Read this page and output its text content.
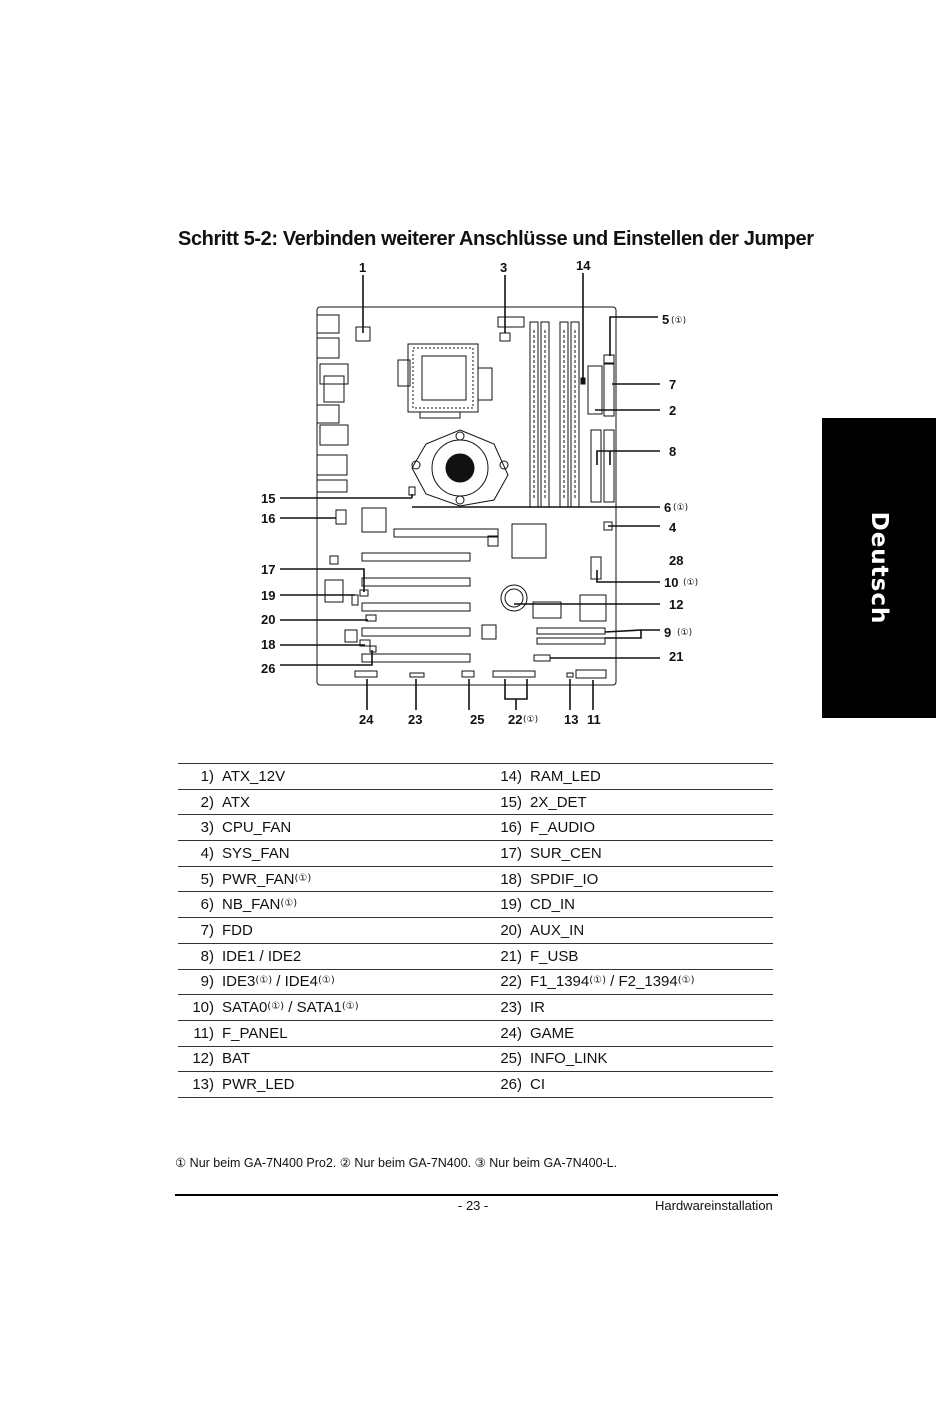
Schritt 5-2: Verbinden weiterer Anschlüsse und Einstellen der Jumper
Deutsch
1	3	14
5 (①)
7
2
8
6 (①)
4
28
10 (①)
12
9 (①)
21
15
16
17
19
20
18
26
24	23	25 22 (①) 13 11
1)	ATX_12V	14)	RAM_LED
2)	ATX	15)	2X_DET
3)	CPU_FAN	16)	F_AUDIO
4)	SYS_FAN	17)	SUR_CEN
5)	PWR_FAN(①)	18)	SPDIF_IO
6)	NB_FAN(①)	19)	CD_IN
7)	FDD	20)	AUX_IN
8)	IDE1 / IDE2	21)	F_USB
9)	IDE3(①) / IDE4(①)	22)	F1_1394(①) / F2_1394(①)
10)	SATA0(①) / SATA1(①)	23)	IR
11)	F_PANEL	24)	GAME
12)	BAT	25)	INFO_LINK
13)	PWR_LED	26)	CI
① Nur beim GA-7N400 Pro2. ② Nur beim GA-7N400. ③ Nur beim GA-7N400-L.
- 23 -	Hardwareinstallation
